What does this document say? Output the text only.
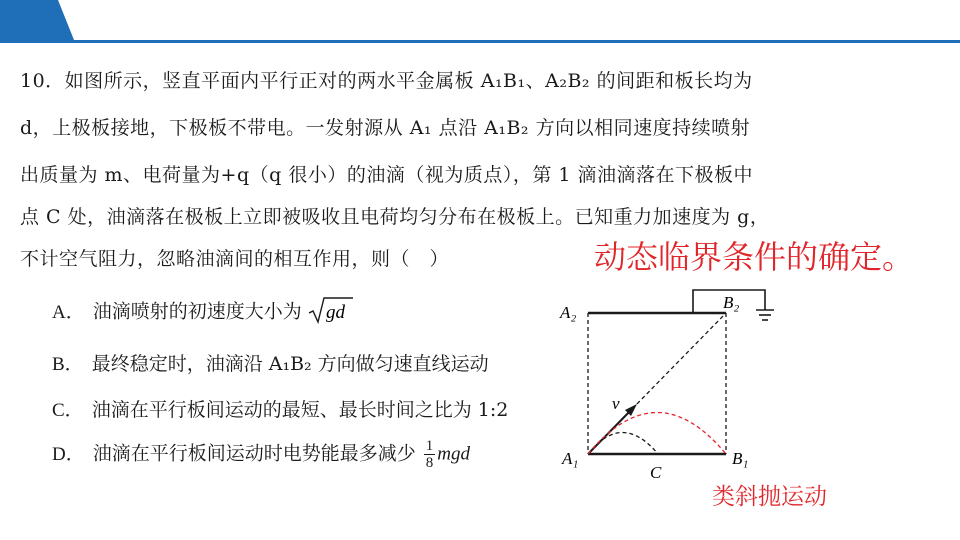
10．如图所示，竖直平面内平行正对的两水平金属板 A₁B₁、A₂B₂ 的间距和板长均为
d，上极板接地，下极板不带电。一发射源从 A₁ 点沿 A₁B₂ 方向以相同速度持续喷射
出质量为 m、电荷量为+q（q 很小）的油滴（视为质点），第 1 滴油滴落在下极板中
点 C 处，油滴落在极板上立即被吸收且电荷均匀分布在极板上。已知重力加速度为 g，
不计空气阻力，忽略油滴间的相互作用，则（　）	动态临界条件的确定。
A． 油滴喷射的初速度大小为 gd
B． 最终稳定时，油滴沿 A₁B₂ 方向做匀速直线运动
C． 油滴在平行板间运动的最短、最长时间之比为 1:2
D． 油滴在平行板间运动时电势能最多减少 $\frac{1}{8}$ mgd
A₂
B₂
A₁	B₁
C
v
类斜抛运动
